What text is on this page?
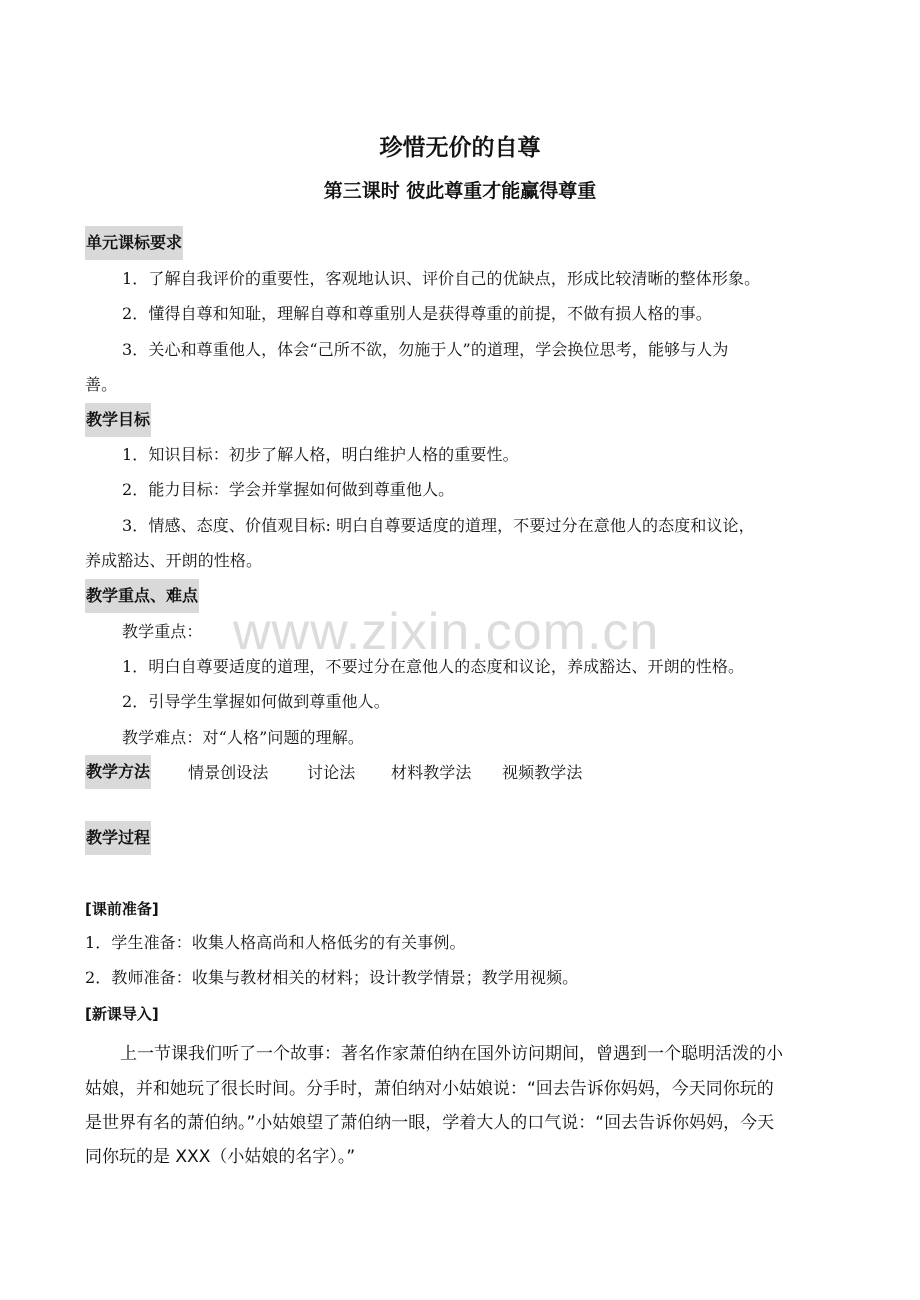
www.zixin.com.cn
珍惜无价的自尊
第三课时 彼此尊重才能赢得尊重
单元课标要求
1．了解自我评价的重要性，客观地认识、评价自己的优缺点，形成比较清晰的整体形象。
2．懂得自尊和知耻，理解自尊和尊重别人是获得尊重的前提，不做有损人格的事。
3．关心和尊重他人，体会“己所不欲，勿施于人”的道理，学会换位思考，能够与人为
善。
教学目标
1．知识目标：初步了解人格，明白维护人格的重要性。
2．能力目标：学会并掌握如何做到尊重他人。
3．情感、态度、价值观目标: 明白自尊要适度的道理，不要过分在意他人的态度和议论，
养成豁达、开朗的性格。
教学重点、难点
教学重点：
1．明白自尊要适度的道理，不要过分在意他人的态度和议论，养成豁达、开朗的性格。
2．引导学生掌握如何做到尊重他人。
教学难点：对“人格”问题的理解。
教学方法 情景创设法 讨论法 材料教学法 视频教学法
教学过程
[课前准备]
1．学生准备：收集人格高尚和人格低劣的有关事例。
2．教师准备：收集与教材相关的材料；设计教学情景；教学用视频。
[新课导入]
上一节课我们听了一个故事：著名作家萧伯纳在国外访问期间，曾遇到一个聪明活泼的小
姑娘，并和她玩了很长时间。分手时，萧伯纳对小姑娘说：“回去告诉你妈妈，今天同你玩的
是世界有名的萧伯纳。”小姑娘望了萧伯纳一眼，学着大人的口气说：“回去告诉你妈妈，今天
同你玩的是 XXX（小姑娘的名字）。”
